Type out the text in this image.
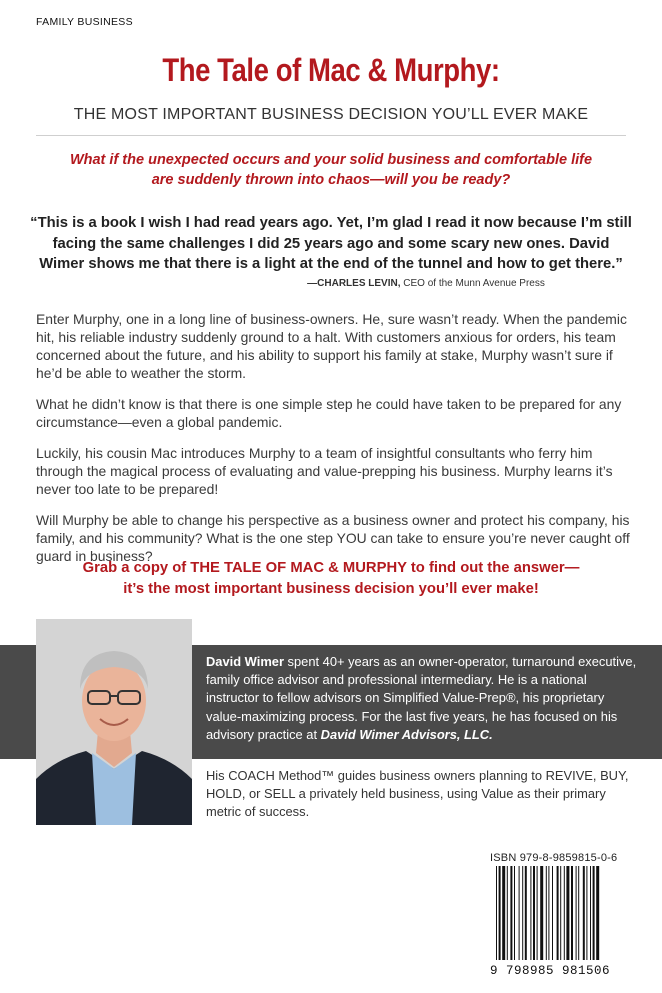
FAMILY BUSINESS
The Tale of Mac & Murphy:
THE MOST IMPORTANT BUSINESS DECISION YOU’LL EVER MAKE
What if the unexpected occurs and your solid business and comfortable life are suddenly thrown into chaos—will you be ready?
“This is a book I wish I had read years ago. Yet, I’m glad I read it now because I’m still facing the same challenges I did 25 years ago and some scary new ones. David Wimer shows me that there is a light at the end of the tunnel and how to get there.”
—CHARLES LEVIN, CEO of the Munn Avenue Press

Enter Murphy, one in a long line of business-owners. He, sure wasn’t ready. When the pandemic hit, his reliable industry suddenly ground to a halt. With customers anxious for orders, his team concerned about the future, and his ability to support his family at stake, Murphy wasn’t sure if he’d be able to weather the storm.

What he didn’t know is that there is one simple step he could have taken to be prepared for any circumstance—even a global pandemic.

Luckily, his cousin Mac introduces Murphy to a team of insightful consultants who ferry him through the magical process of evaluating and value-prepping his business. Murphy learns it’s never too late to be prepared!

Will Murphy be able to change his perspective as a business owner and protect his company, his family, and his community? What is the one step YOU can take to ensure you’re never caught off guard in business?

Grab a copy of THE TALE OF MAC & MURPHY to find out the answer—
it’s the most important business decision you’ll ever make!
David Wimer spent 40+ years as an owner-operator, turnaround executive, family office advisor and professional intermediary. He is a national instructor to fellow advisors on Simplified Value-Prep®, his proprietary value-maximizing process. For the last five years, he has focused on his advisory practice at David Wimer Advisors, LLC.
His COACH Method™ guides business owners planning to REVIVE, BUY, HOLD, or SELL a privately held business, using Value as their primary metric of success.
ISBN 979-8-9859815-0-6
9 798985 981506
